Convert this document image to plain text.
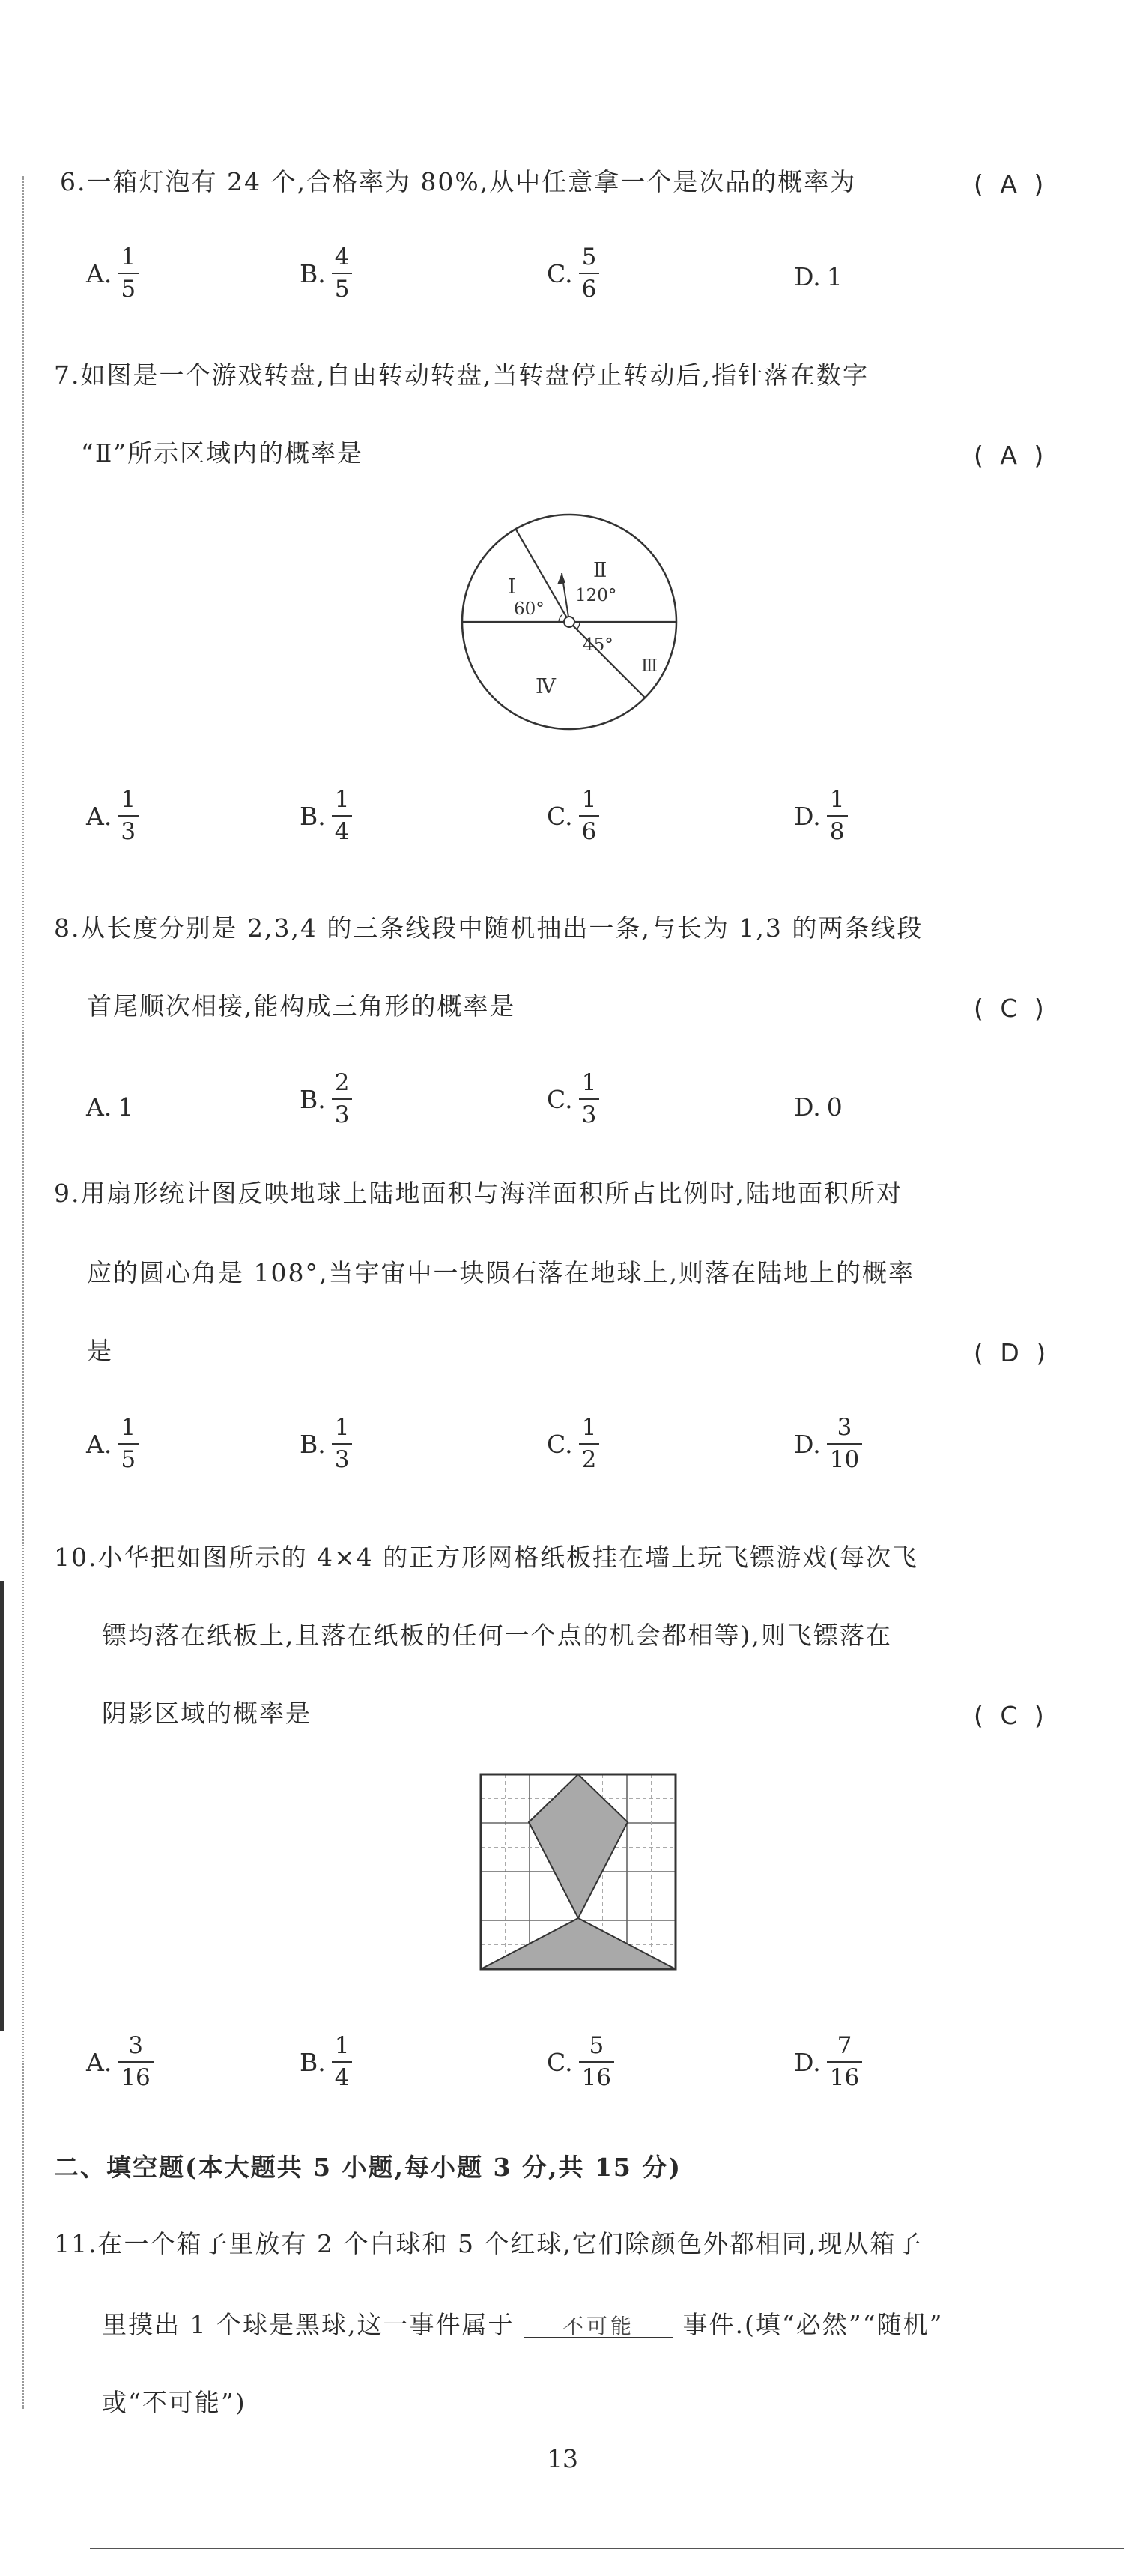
6.一箱灯泡有 24 个,合格率为 80%,从中任意拿一个是次品的概率为	( A )
A. $\frac{1}{5}$	B. $\frac{4}{5}$	C. $\frac{5}{6}$	D. 1
7.如图是一个游戏转盘,自由转动转盘,当转盘停止转动后,指针落在数字
“Ⅱ”所示区域内的概率是	( A )
Ⅰ
Ⅱ
Ⅲ
Ⅳ
60°
120°
45°
A. $\frac{1}{3}$	B. $\frac{1}{4}$	C. $\frac{1}{6}$	D. $\frac{1}{8}$
8.从长度分别是 2,3,4 的三条线段中随机抽出一条,与长为 1,3 的两条线段
首尾顺次相接,能构成三角形的概率是	( C )
A. 1	B. $\frac{2}{3}$	C. $\frac{1}{3}$	D. 0
9.用扇形统计图反映地球上陆地面积与海洋面积所占比例时,陆地面积所对
应的圆心角是 108°,当宇宙中一块陨石落在地球上,则落在陆地上的概率
是	( D )
A. $\frac{1}{5}$	B. $\frac{1}{3}$	C. $\frac{1}{2}$	D. $\frac{3}{10}$
10.小华把如图所示的 4×4 的正方形网格纸板挂在墙上玩飞镖游戏(每次飞
镖均落在纸板上,且落在纸板的任何一个点的机会都相等),则飞镖落在
阴影区域的概率是	( C )
A. $\frac{3}{16}$	B. $\frac{1}{4}$	C. $\frac{5}{16}$	D. $\frac{7}{16}$
二、填空题(本大题共 5 小题,每小题 3 分,共 15 分)
11.在一个箱子里放有 2 个白球和 5 个红球,它们除颜色外都相同,现从箱子
里摸出 1 个球是黑球,这一事件属于 不可能 事件.(填“必然”“随机”
或“不可能”)
13
